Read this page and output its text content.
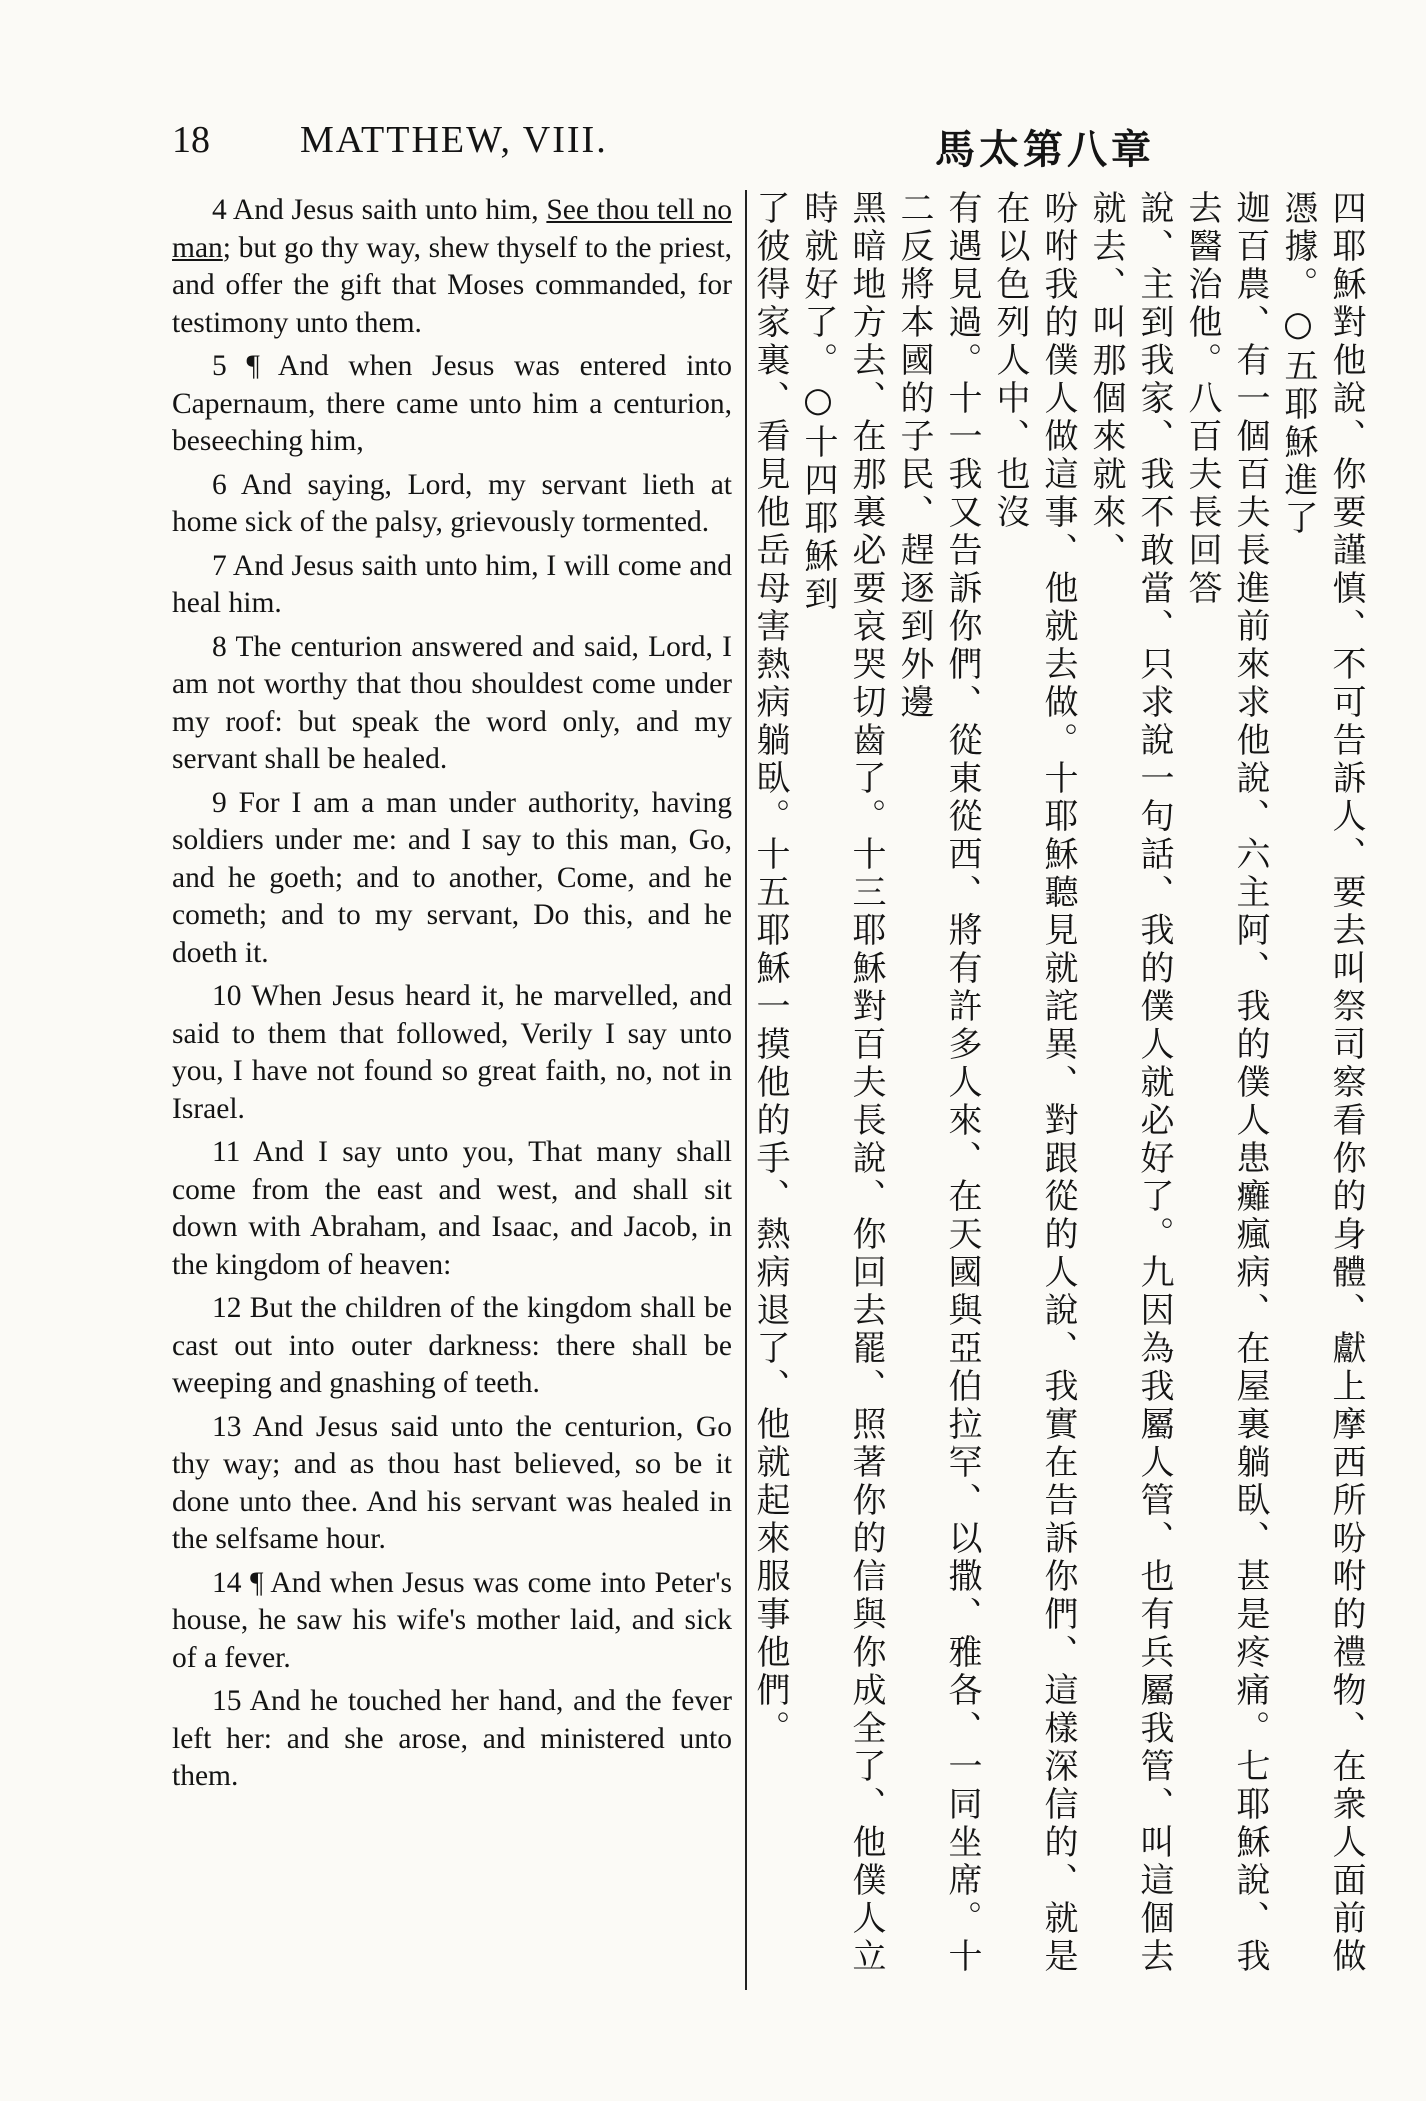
18 MATTHEW, VIII.	馬太第八章

4 And Jesus saith unto him, See thou tell no man; but go thy way, shew thyself to the priest, and offer the gift that Moses commanded, for testimony unto them.

5 ¶ And when Jesus was entered into Capernaum, there came unto him a centurion, beseeching him,

6 And saying, Lord, my servant lieth at home sick of the palsy, grievously tormented.

7 And Jesus saith unto him, I will come and heal him.

8 The centurion answered and said, Lord, I am not worthy that thou shouldest come under my roof: but speak the word only, and my servant shall be healed.

9 For I am a man under authority, having soldiers under me: and I say to this man, Go, and he goeth; and to another, Come, and he cometh; and to my servant, Do this, and he doeth it.

10 When Jesus heard it, he marvelled, and said to them that followed, Verily I say unto you, I have not found so great faith, no, not in Israel.

11 And I say unto you, That many shall come from the east and west, and shall sit down with Abraham, and Isaac, and Jacob, in the kingdom of heaven:

12 But the children of the kingdom shall be cast out into outer darkness: there shall be weeping and gnashing of teeth.

13 And Jesus said unto the centurion, Go thy way; and as thou hast believed, so be it done unto thee. And his servant was healed in the selfsame hour.

14 ¶ And when Jesus was come into Peter's house, he saw his wife's mother laid, and sick of a fever.

15 And he touched her hand, and the fever left her: and she arose, and ministered unto them.	四耶穌對他說、你要謹慎、不可告訴人、要去叫祭司察看你的身體、獻上摩西所吩咐的禮物、在衆人面前做憑據。○五耶穌進了
迦百農、有一個百夫長進前來求他說、六主阿、我的僕人患癱瘋病、在屋裏躺臥、甚是疼痛。七耶穌說、我去醫治他。八百夫長回答
說、主到我家、我不敢當、只求說一句話、我的僕人就必好了。九因為我屬人管、也有兵屬我管、叫這個去就去、叫那個來就來、
吩咐我的僕人做這事、他就去做。十耶穌聽見就詫異、對跟從的人說、我實在告訴你們、這樣深信的、就是在以色列人中、也沒
有遇見過。十一我又告訴你們、從東從西、將有許多人來、在天國與亞伯拉罕、以撒、雅各、一同坐席。十二反將本國的子民、趕逐到外邊
黑暗地方去、在那裏必要哀哭切齒了。十三耶穌對百夫長說、你回去罷、照著你的信與你成全了、他僕人立時就好了。○十四耶穌到
了彼得家裏、看見他岳母害熱病躺臥。十五耶穌一摸他的手、熱病退了、他就起來服事他們。
